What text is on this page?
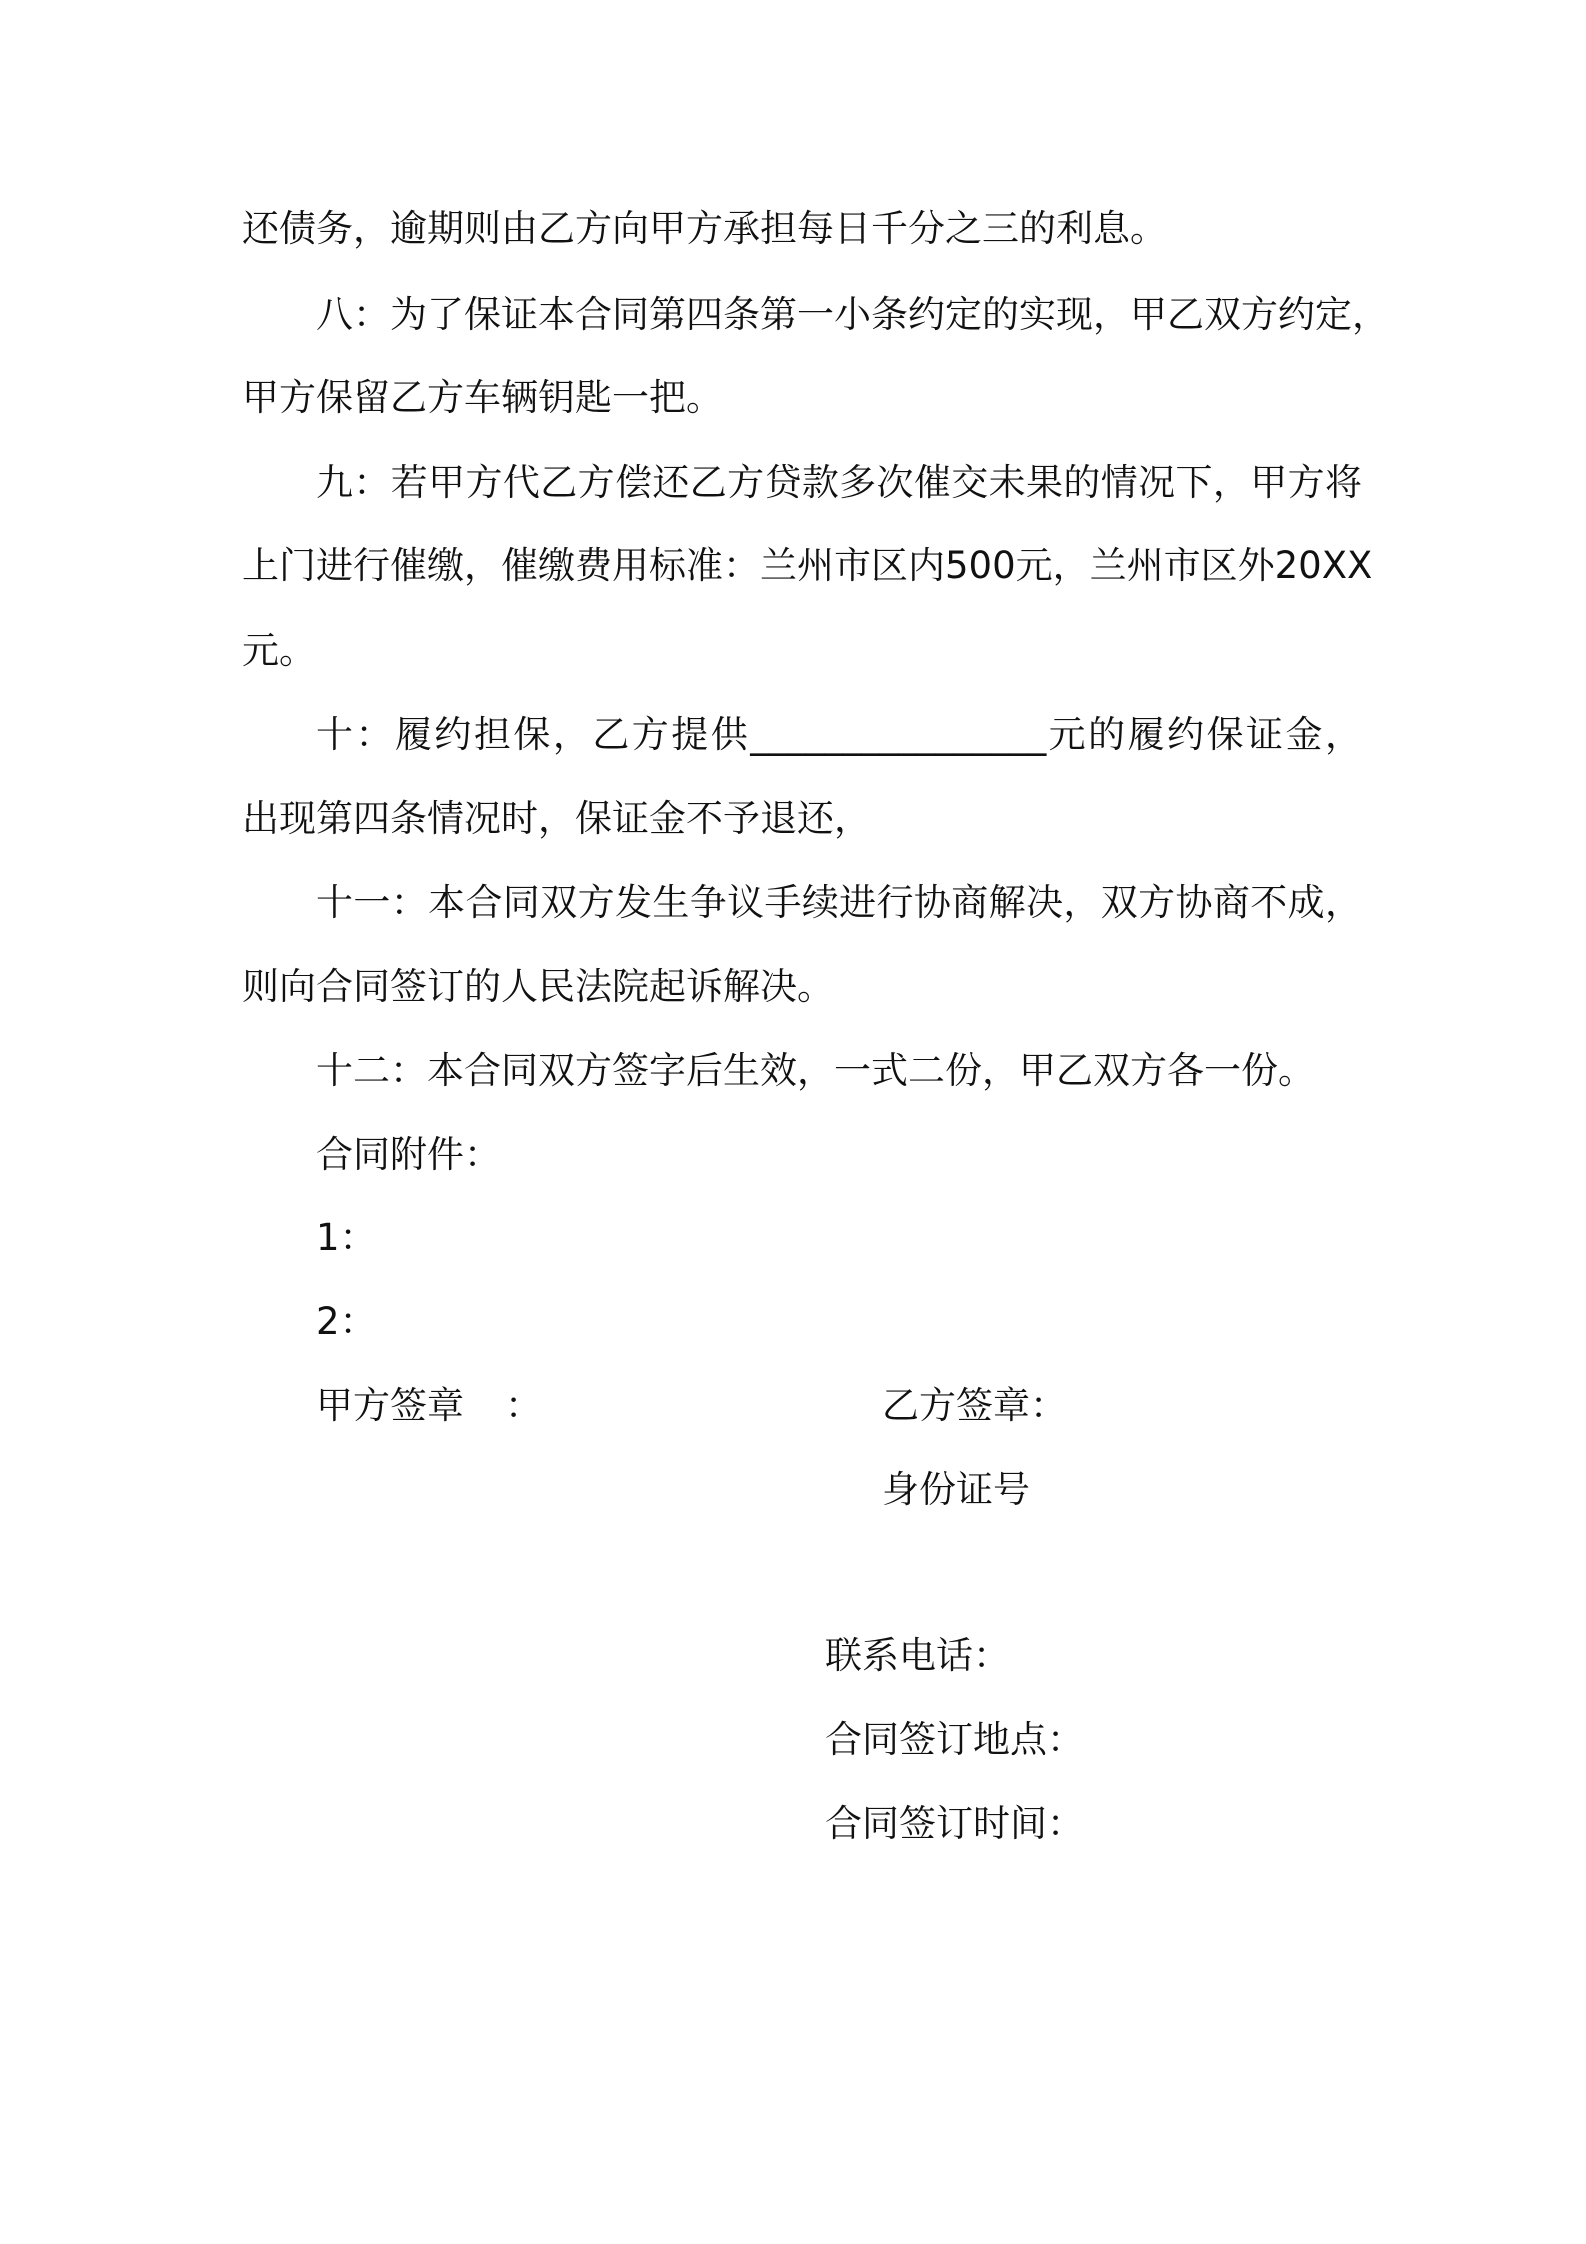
还债务，逾期则由乙方向甲方承担每日千分之三的利息。
八：为了保证本合同第四条第一小条约定的实现，甲乙双方约定，
甲方保留乙方车辆钥匙一把。
九：若甲方代乙方偿还乙方贷款多次催交未果的情况下，甲方将
上门进行催缴，催缴费用标准：兰州市区内500元，兰州市区外20XX
元。
十：履约担保，乙方提供________________元的履约保证金，
出现第四条情况时，保证金不予退还，
十一：本合同双方发生争议手续进行协商解决，双方协商不成，
则向合同签订的人民法院起诉解决。
十二：本合同双方签字后生效，一式二份，甲乙双方各一份。
合同附件：
1：
2：
甲方签章 ：	乙方签章：
身份证号
联系电话：
合同签订地点：
合同签订时间：
